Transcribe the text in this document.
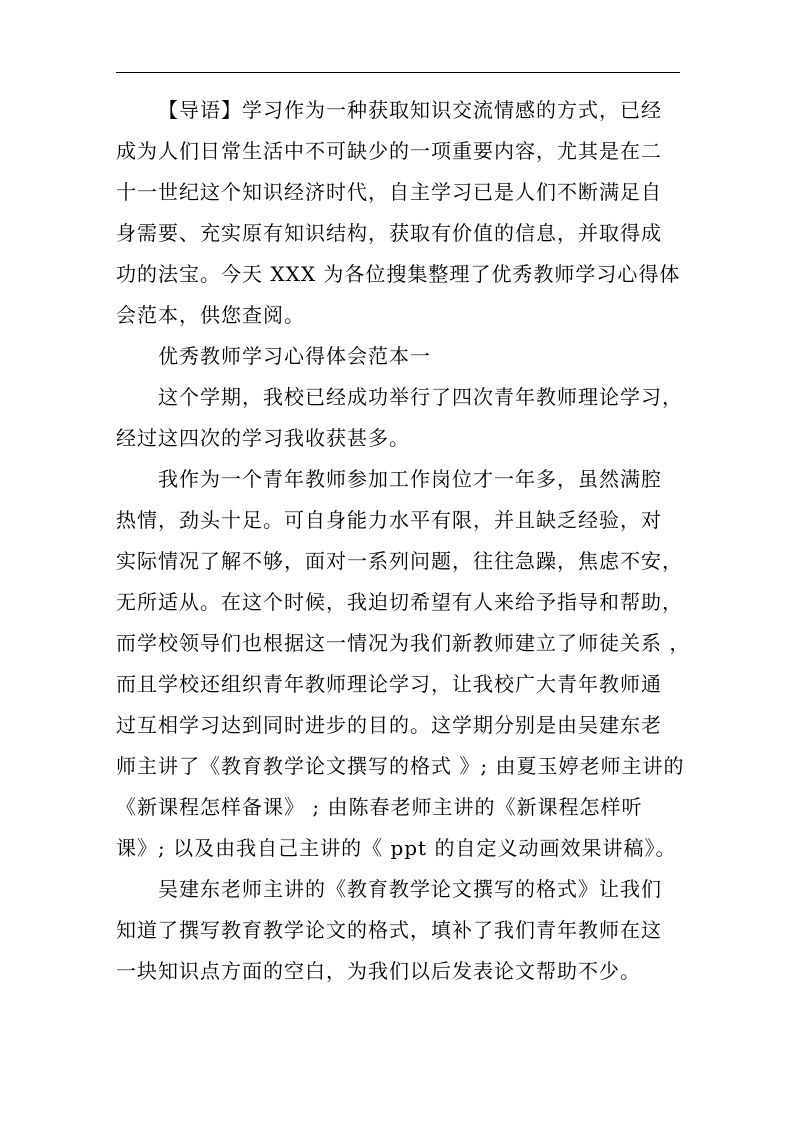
【导语】学习作为一种获取知识交流情感的方式，已经
成为人们日常生活中不可缺少的一项重要内容，尤其是在二
十一世纪这个知识经济时代，自主学习已是人们不断满足自
身需要、充实原有知识结构，获取有价值的信息，并取得成
功的法宝。今天 XXX 为各位搜集整理了优秀教师学习心得体
会范本，供您查阅。
优秀教师学习心得体会范本一
这个学期，我校已经成功举行了四次青年教师理论学习，
经过这四次的学习我收获甚多。
我作为一个青年教师参加工作岗位才一年多，虽然满腔
热情，劲头十足。可自身能力水平有限，并且缺乏经验，对
实际情况了解不够，面对一系列问题，往往急躁，焦虑不安，
无所适从。在这个时候，我迫切希望有人来给予指导和帮助，
而学校领导们也根据这一情况为我们新教师建立了师徒关系 ，
而且学校还组织青年教师理论学习，让我校广大青年教师通
过互相学习达到同时进步的目的。这学期分别是由吴建东老
师主讲了《教育教学论文撰写的格式 》; 由夏玉婷老师主讲的
《新课程怎样备课》 ; 由陈春老师主讲的《新课程怎样听
课》; 以及由我自己主讲的《 ppt 的自定义动画效果讲稿》。
吴建东老师主讲的《教育教学论文撰写的格式》让我们
知道了撰写教育教学论文的格式，填补了我们青年教师在这
一块知识点方面的空白，为我们以后发表论文帮助不少。
